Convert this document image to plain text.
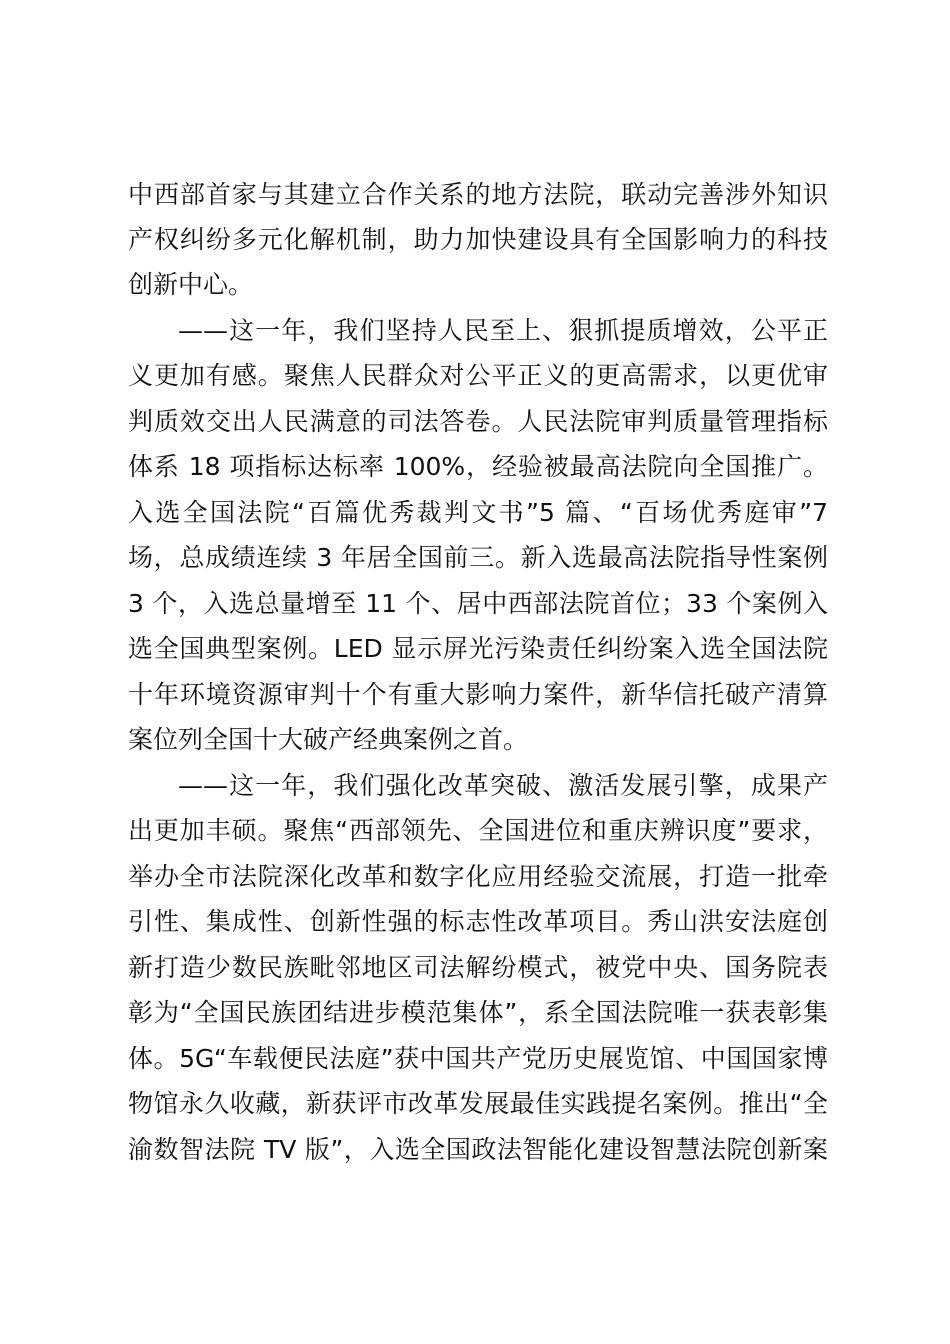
中西部首家与其建立合作关系的地方法院，联动完善涉外知识

产权纠纷多元化解机制，助力加快建设具有全国影响力的科技

创新中心。

——这一年，我们坚持人民至上、狠抓提质增效，公平正

义更加有感。聚焦人民群众对公平正义的更高需求，以更优审

判质效交出人民满意的司法答卷。人民法院审判质量管理指标

体系 18 项指标达标率 100%，经验被最高法院向全国推广。

入选全国法院“百篇优秀裁判文书”5 篇、“百场优秀庭审”7

场，总成绩连续 3 年居全国前三。新入选最高法院指导性案例

3 个，入选总量增至 11 个、居中西部法院首位；33 个案例入

选全国典型案例。LED 显示屏光污染责任纠纷案入选全国法院

十年环境资源审判十个有重大影响力案件，新华信托破产清算

案位列全国十大破产经典案例之首。

——这一年，我们强化改革突破、激活发展引擎，成果产

出更加丰硕。聚焦“西部领先、全国进位和重庆辨识度”要求，

举办全市法院深化改革和数字化应用经验交流展，打造一批牵

引性、集成性、创新性强的标志性改革项目。秀山洪安法庭创

新打造少数民族毗邻地区司法解纷模式，被党中央、国务院表

彰为“全国民族团结进步模范集体”，系全国法院唯一获表彰集

体。5G“车载便民法庭”获中国共产党历史展览馆、中国国家博

物馆永久收藏，新获评市改革发展最佳实践提名案例。推出“全

渝数智法院 TV 版”，入选全国政法智能化建设智慧法院创新案
